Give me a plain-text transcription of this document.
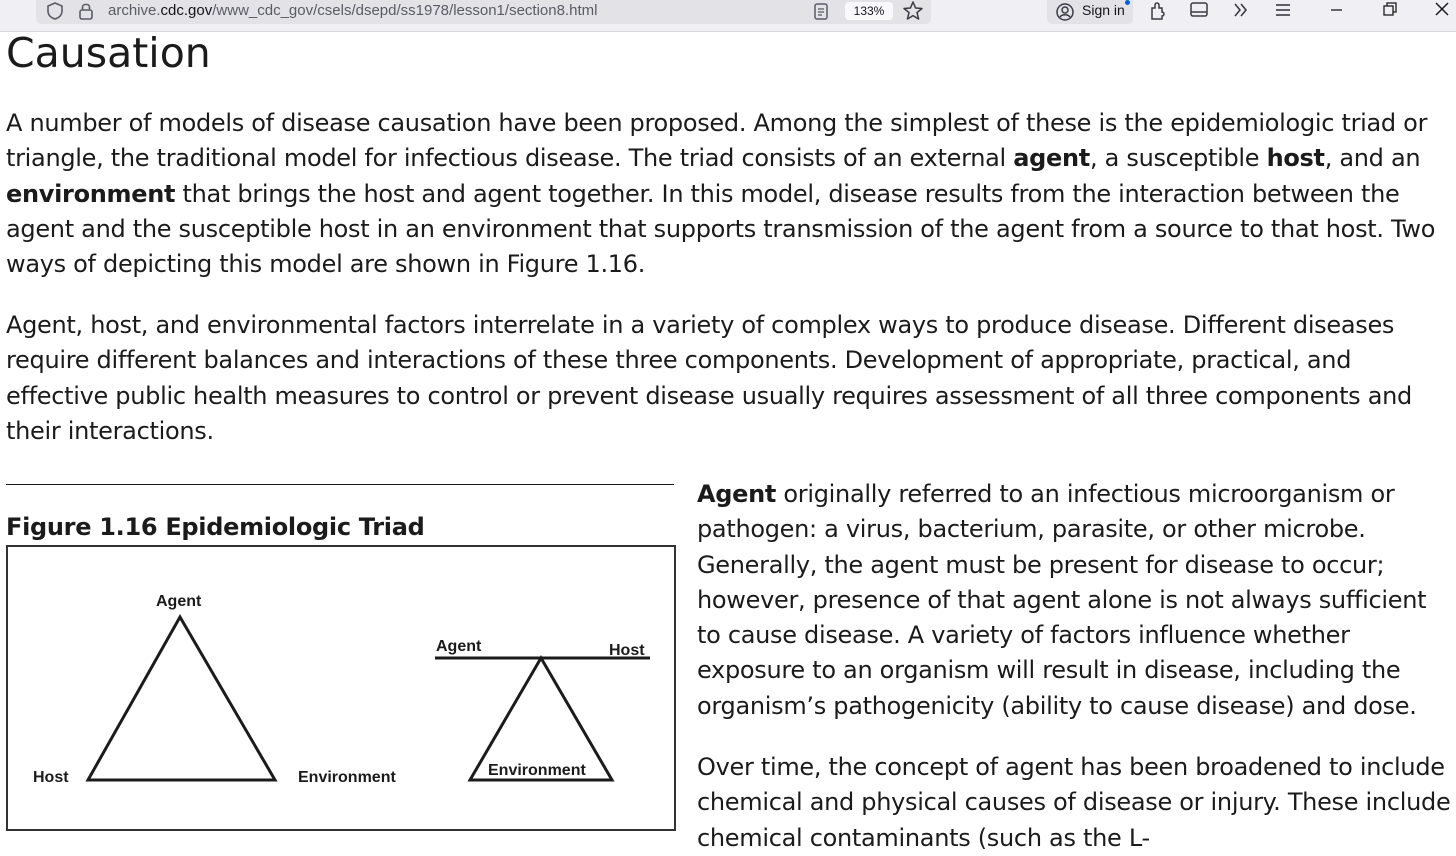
archive.cdc.gov/www_cdc_gov/csels/dsepd/ss1978/lesson1/section8.html	133%	Sign in
Causation

A number of models of disease causation have been proposed. Among the simplest of these is the epidemiologic triad or triangle, the traditional model for infectious disease. The triad consists of an external agent, a susceptible host, and an environment that brings the host and agent together. In this model, disease results from the interaction between the agent and the susceptible host in an environment that supports transmission of the agent from a source to that host. Two ways of depicting this model are shown in Figure 1.16.

Agent, host, and environmental factors interrelate in a variety of complex ways to produce disease. Different diseases require different balances and interactions of these three components. Development of appropriate, practical, and effective public health measures to control or prevent disease usually requires assessment of all three components and their interactions.

Figure 1.16 Epidemiologic Triad
Agent
Host	Environment
Agent	Host
Environment

Agent originally referred to an infectious microorganism or pathogen: a virus, bacterium, parasite, or other microbe. Generally, the agent must be present for disease to occur; however, presence of that agent alone is not always sufficient to cause disease. A variety of factors influence whether exposure to an organism will result in disease, including the organism’s pathogenicity (ability to cause disease) and dose.

Over time, the concept of agent has been broadened to include chemical and physical causes of disease or injury. These include chemical contaminants (such as the L-
